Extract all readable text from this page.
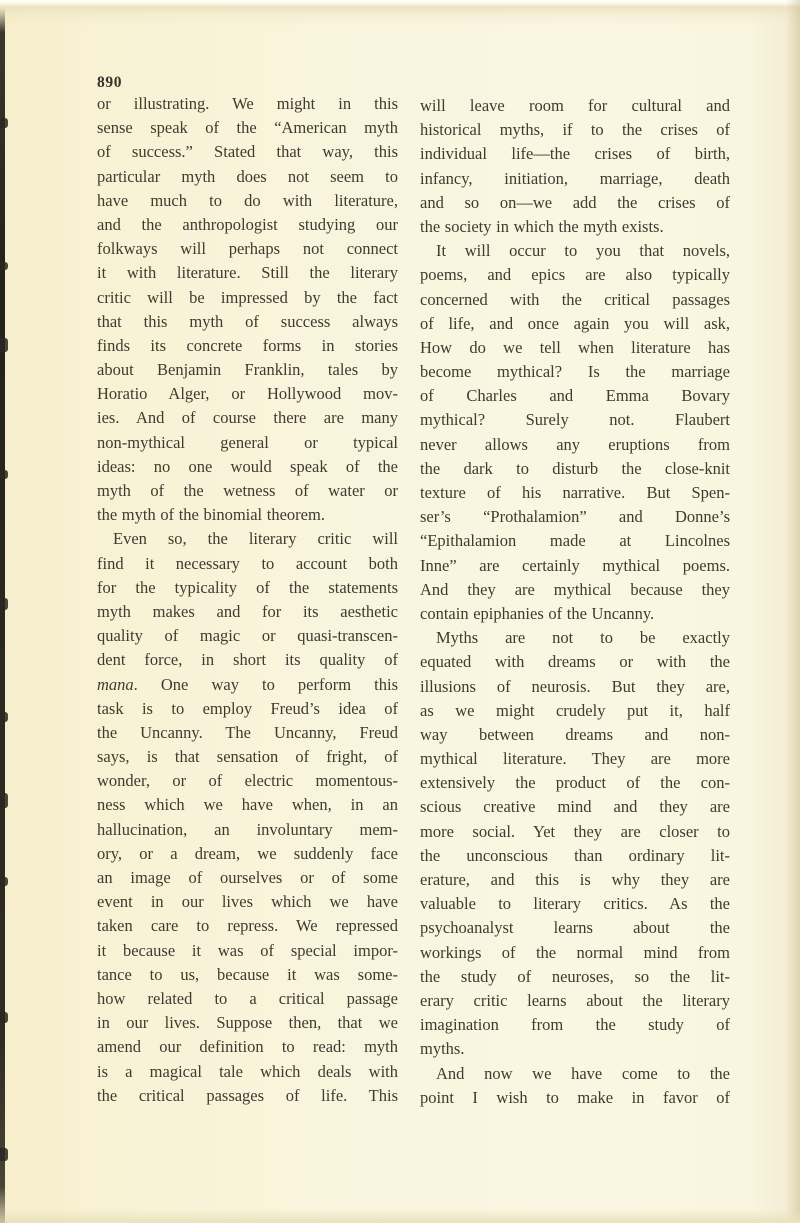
890
or illustrating. We might in this
sense speak of the “American myth
of success.” Stated that way, this
particular myth does not seem to
have much to do with literature,
and the anthropologist studying our
folkways will perhaps not connect
it with literature. Still the literary
critic will be impressed by the fact
that this myth of success always
finds its concrete forms in stories
about Benjamin Franklin, tales by
Horatio Alger, or Hollywood mov-
ies. And of course there are many
non-mythical general or typical
ideas: no one would speak of the
myth of the wetness of water or
the myth of the binomial theorem.
Even so, the literary critic will
find it necessary to account both
for the typicality of the statements
myth makes and for its aesthetic
quality of magic or quasi-transcen-
dent force, in short its quality of
mana. One way to perform this
task is to employ Freud’s idea of
the Uncanny. The Uncanny, Freud
says, is that sensation of fright, of
wonder, or of electric momentous-
ness which we have when, in an
hallucination, an involuntary mem-
ory, or a dream, we suddenly face
an image of ourselves or of some
event in our lives which we have
taken care to repress. We repressed
it because it was of special impor-
tance to us, because it was some-
how related to a critical passage
in our lives. Suppose then, that we
amend our definition to read: myth
is a magical tale which deals with
the critical passages of life. This
will leave room for cultural and
historical myths, if to the crises of
individual life—the crises of birth,
infancy, initiation, marriage, death
and so on—we add the crises of
the society in which the myth exists.
It will occur to you that novels,
poems, and epics are also typically
concerned with the critical passages
of life, and once again you will ask,
How do we tell when literature has
become mythical? Is the marriage
of Charles and Emma Bovary
mythical? Surely not. Flaubert
never allows any eruptions from
the dark to disturb the close-knit
texture of his narrative. But Spen-
ser’s “Prothalamion” and Donne’s
“Epithalamion made at Lincolnes
Inne” are certainly mythical poems.
And they are mythical because they
contain epiphanies of the Uncanny.
Myths are not to be exactly
equated with dreams or with the
illusions of neurosis. But they are,
as we might crudely put it, half
way between dreams and non-
mythical literature. They are more
extensively the product of the con-
scious creative mind and they are
more social. Yet they are closer to
the unconscious than ordinary lit-
erature, and this is why they are
valuable to literary critics. As the
psychoanalyst learns about the
workings of the normal mind from
the study of neuroses, so the lit-
erary critic learns about the literary
imagination from the study of
myths.
And now we have come to the
point I wish to make in favor of
